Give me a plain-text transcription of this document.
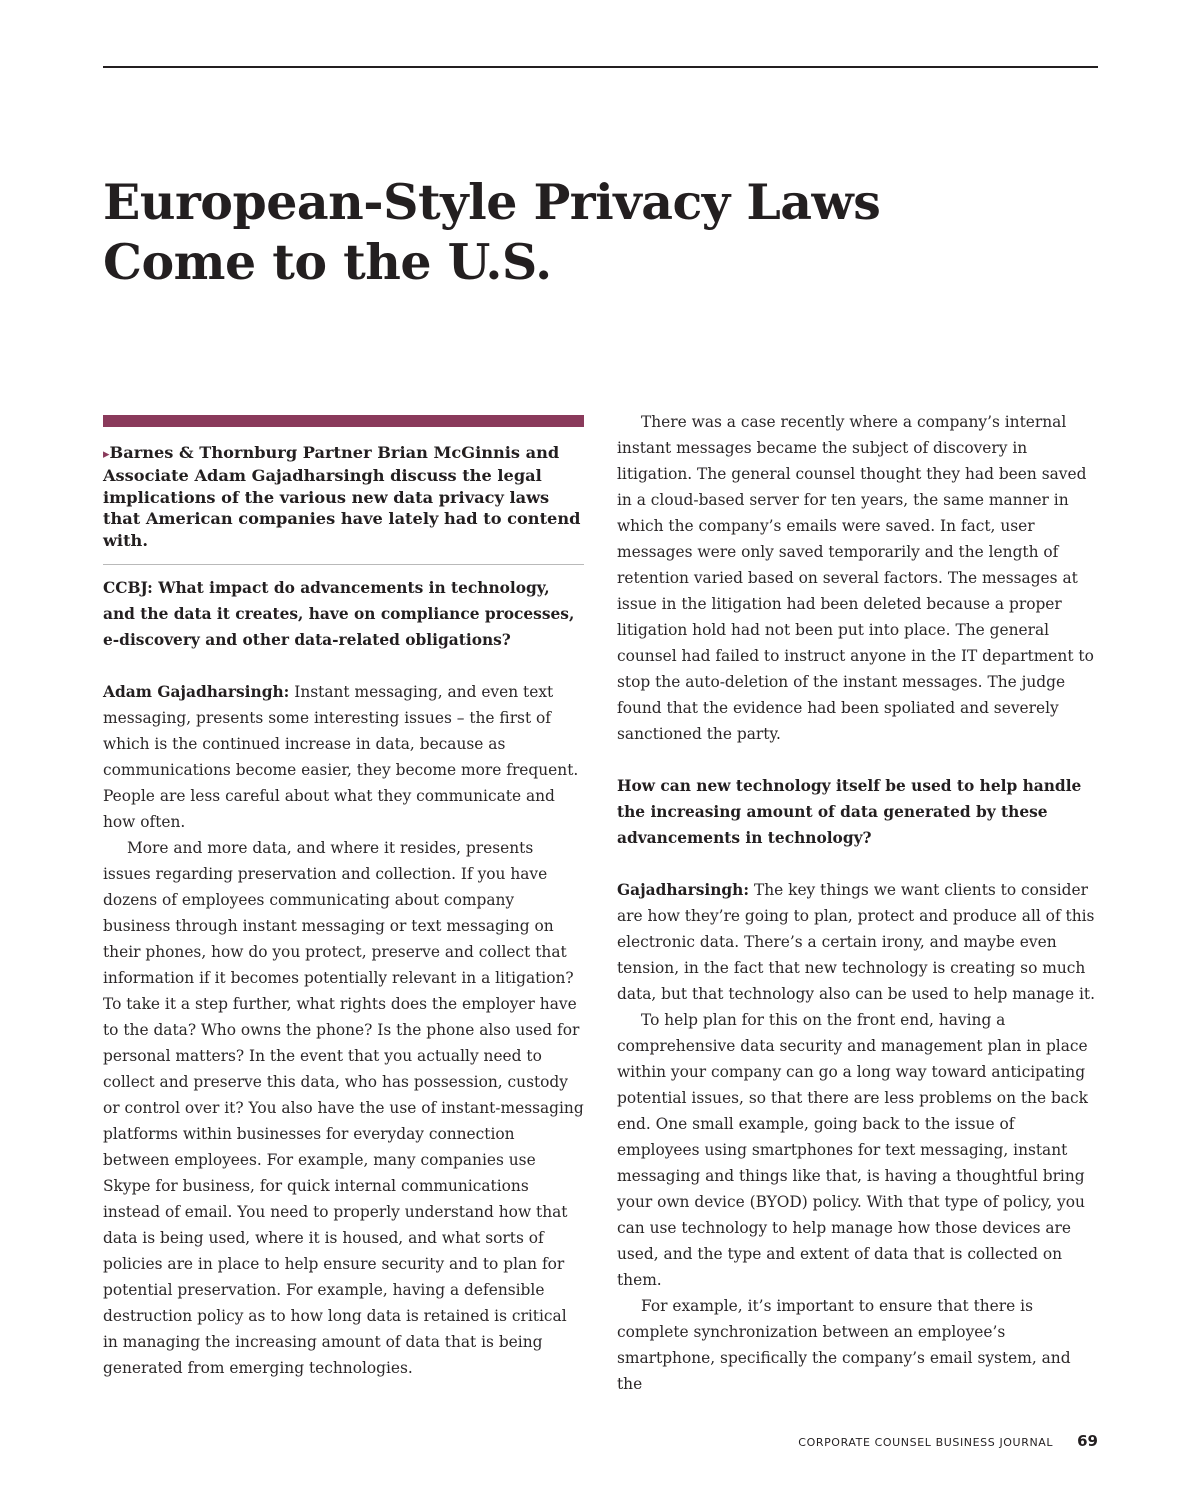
European-Style Privacy Laws
Come to the U.S.

▸Barnes & Thornburg Partner Brian McGinnis and Associate Adam Gajadharsingh discuss the legal implications of the various new data privacy laws that American companies have lately had to contend with.

CCBJ: What impact do advancements in technology, and the data it creates, have on compliance processes, e-discovery and other data-related obligations?

Adam Gajadharsingh: Instant messaging, and even text messaging, presents some interesting issues – the first of which is the continued increase in data, because as communications become easier, they become more frequent. People are less careful about what they communicate and how often.

More and more data, and where it resides, presents issues regarding preservation and collection. If you have dozens of employees communicating about company business through instant messaging or text messaging on their phones, how do you protect, preserve and collect that information if it becomes potentially relevant in a litigation? To take it a step further, what rights does the employer have to the data? Who owns the phone? Is the phone also used for personal matters? In the event that you actually need to collect and preserve this data, who has possession, custody or control over it? You also have the use of instant-messaging platforms within businesses for everyday connection between employees. For example, many companies use Skype for business, for quick internal communications instead of email. You need to properly understand how that data is being used, where it is housed, and what sorts of policies are in place to help ensure security and to plan for potential preservation. For example, having a defensible destruction policy as to how long data is retained is critical in managing the increasing amount of data that is being generated from emerging technologies.

There was a case recently where a company’s internal instant messages became the subject of discovery in litigation. The general counsel thought they had been saved in a cloud-based server for ten years, the same manner in which the company’s emails were saved. In fact, user messages were only saved temporarily and the length of retention varied based on several factors. The messages at issue in the litigation had been deleted because a proper litigation hold had not been put into place. The general counsel had failed to instruct anyone in the IT department to stop the auto-deletion of the instant messages. The judge found that the evidence had been spoliated and severely sanctioned the party.

How can new technology itself be used to help handle the increasing amount of data generated by these advancements in technology?

Gajadharsingh: The key things we want clients to consider are how they’re going to plan, protect and produce all of this electronic data. There’s a certain irony, and maybe even tension, in the fact that new technology is creating so much data, but that technology also can be used to help manage it.

To help plan for this on the front end, having a comprehensive data security and management plan in place within your company can go a long way toward anticipating potential issues, so that there are less problems on the back end. One small example, going back to the issue of employees using smartphones for text messaging, instant messaging and things like that, is having a thoughtful bring your own device (BYOD) policy. With that type of policy, you can use technology to help manage how those devices are used, and the type and extent of data that is collected on them.

For example, it’s important to ensure that there is complete synchronization between an employee’s smartphone, specifically the company’s email system, and the

CORPORATE COUNSEL BUSINESS JOURNAL 69
